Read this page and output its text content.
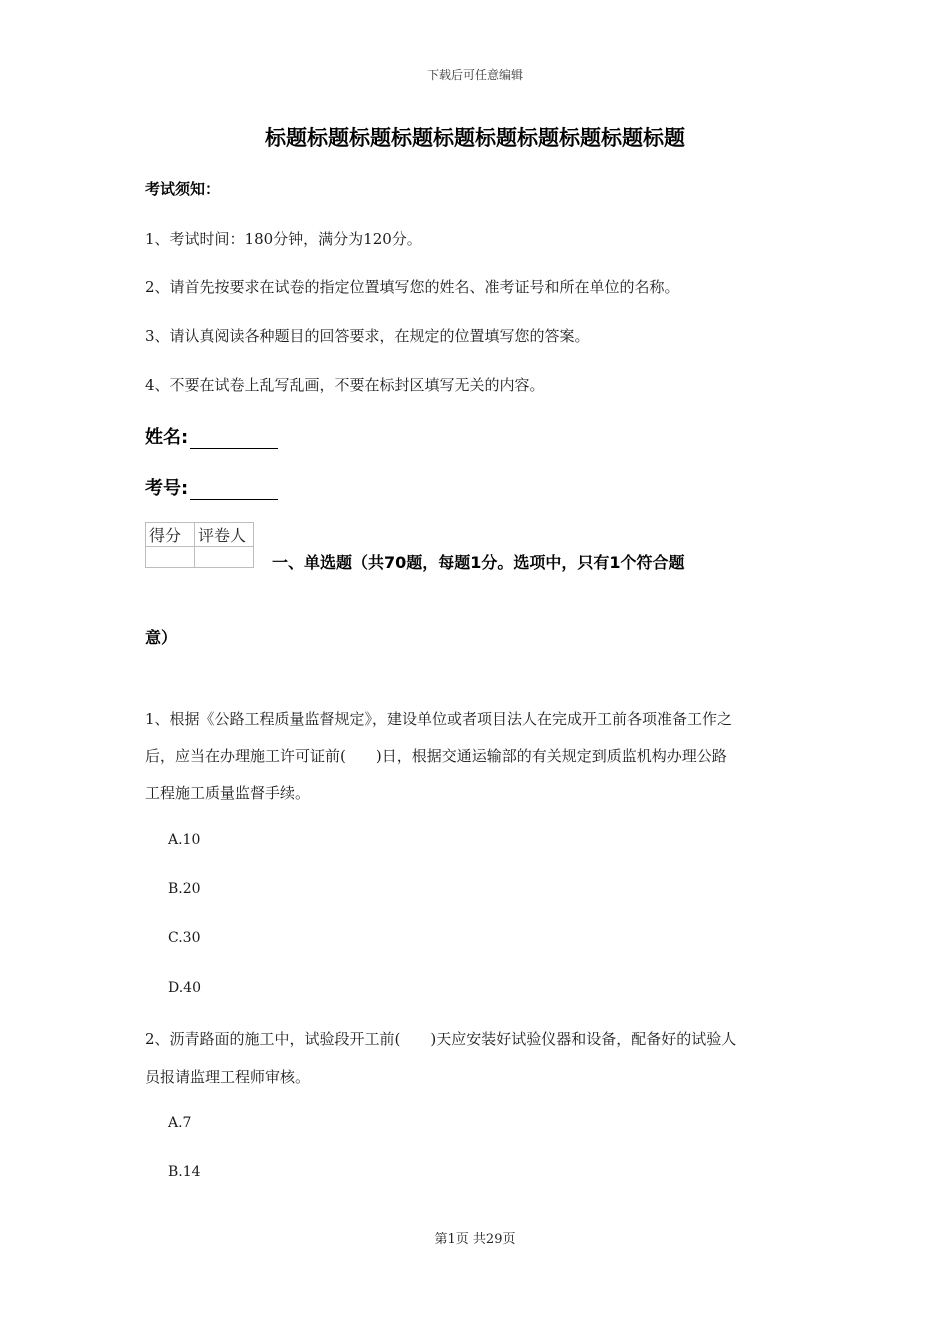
下载后可任意编辑
标题标题标题标题标题标题标题标题标题标题
考试须知：
1、考试时间：180分钟，满分为120分。
2、请首先按要求在试卷的指定位置填写您的姓名、准考证号和所在单位的名称。
3、请认真阅读各种题目的回答要求，在规定的位置填写您的答案。
4、不要在试卷上乱写乱画，不要在标封区填写无关的内容。
姓名:
考号:
得分	评卷人

一、单选题（共70题，每题1分。选项中，只有1个符合题
意）
1、根据《公路工程质量监督规定》，建设单位或者项目法人在完成开工前各项准备工作之
后，应当在办理施工许可证前(　　)日，根据交通运输部的有关规定到质监机构办理公路
工程施工质量监督手续。
A.10
B.20
C.30
D.40
2、沥青路面的施工中，试验段开工前(　　)天应安装好试验仪器和设备，配备好的试验人
员报请监理工程师审核。
A.7
B.14
第1页 共29页
